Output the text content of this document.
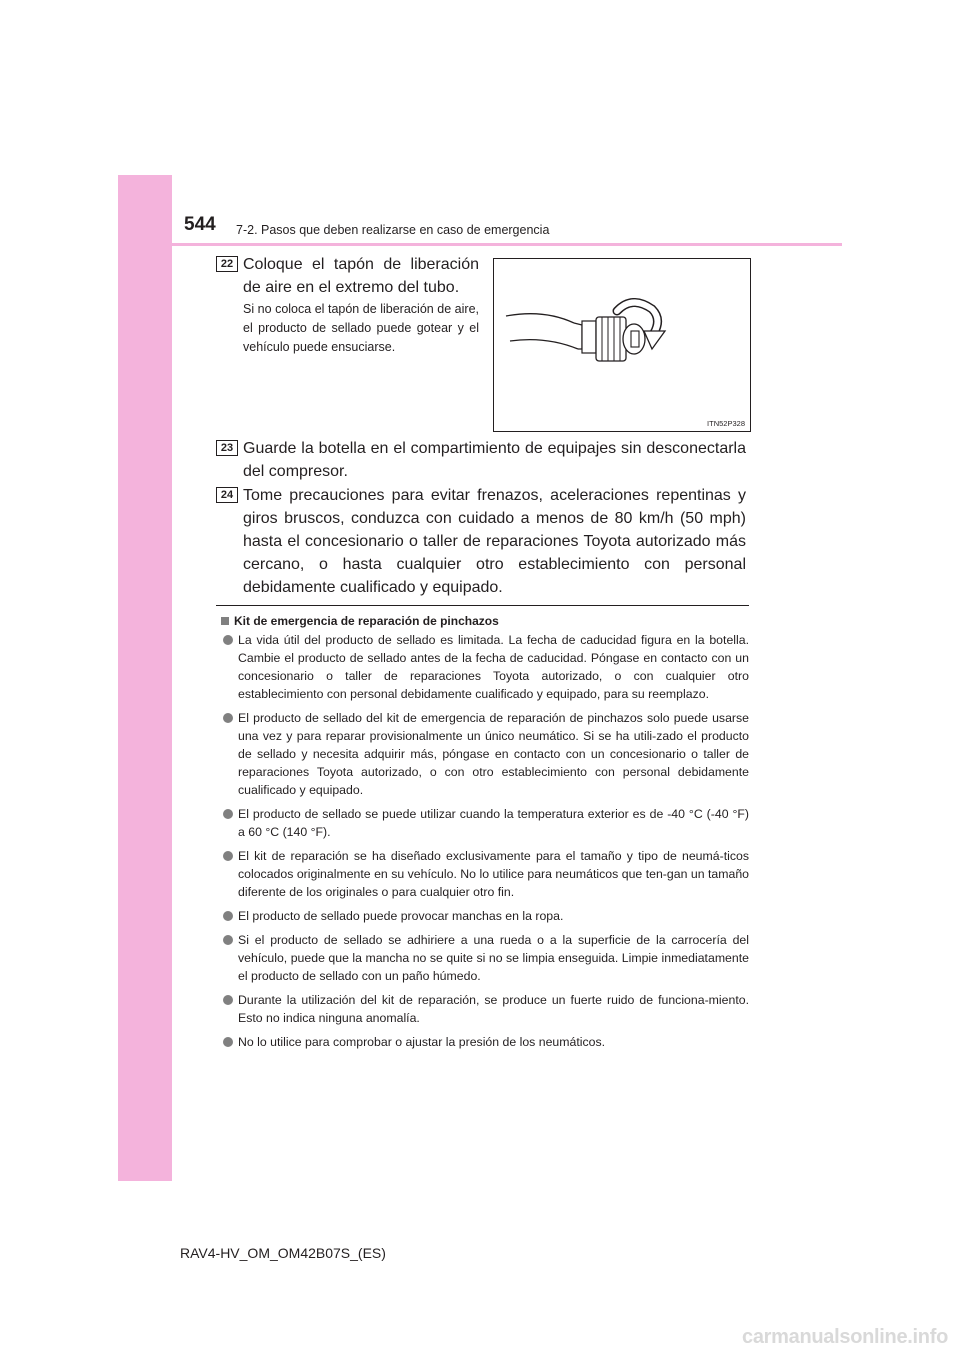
544 7-2. Pasos que deben realizarse en caso de emergencia
22 Coloque el tapón de liberación de aire en el extremo del tubo.
Si no coloca el tapón de liberación de aire, el producto de sellado puede gotear y el vehículo puede ensuciarse.
ITN52P328
23 Guarde la botella en el compartimiento de equipajes sin desconectarla del compresor.
24 Tome precauciones para evitar frenazos, aceleraciones repentinas y giros bruscos, conduzca con cuidado a menos de 80 km/h (50 mph) hasta el concesionario o taller de reparaciones Toyota autorizado más cercano, o hasta cualquier otro establecimiento con personal debidamente cualificado y equipado.
Kit de emergencia de reparación de pinchazos
La vida útil del producto de sellado es limitada. La fecha de caducidad figura en la botella. Cambie el producto de sellado antes de la fecha de caducidad. Póngase en contacto con un concesionario o taller de reparaciones Toyota autorizado, o con cualquier otro establecimiento con personal debidamente cualificado y equipado, para su reemplazo.
El producto de sellado del kit de emergencia de reparación de pinchazos solo puede usarse una vez y para reparar provisionalmente un único neumático. Si se ha utili-zado el producto de sellado y necesita adquirir más, póngase en contacto con un concesionario o taller de reparaciones Toyota autorizado, o con otro establecimiento con personal debidamente cualificado y equipado.
El producto de sellado se puede utilizar cuando la temperatura exterior es de -40 °C (-40 °F) a 60 °C (140 °F).
El kit de reparación se ha diseñado exclusivamente para el tamaño y tipo de neumá-ticos colocados originalmente en su vehículo. No lo utilice para neumáticos que ten-gan un tamaño diferente de los originales o para cualquier otro fin.
El producto de sellado puede provocar manchas en la ropa.
Si el producto de sellado se adhiriere a una rueda o a la superficie de la carrocería del vehículo, puede que la mancha no se quite si no se limpia enseguida. Limpie inmediatamente el producto de sellado con un paño húmedo.
Durante la utilización del kit de reparación, se produce un fuerte ruido de funciona-miento. Esto no indica ninguna anomalía.
No lo utilice para comprobar o ajustar la presión de los neumáticos.
RAV4-HV_OM_OM42B07S_(ES)
carmanualsonline.info
